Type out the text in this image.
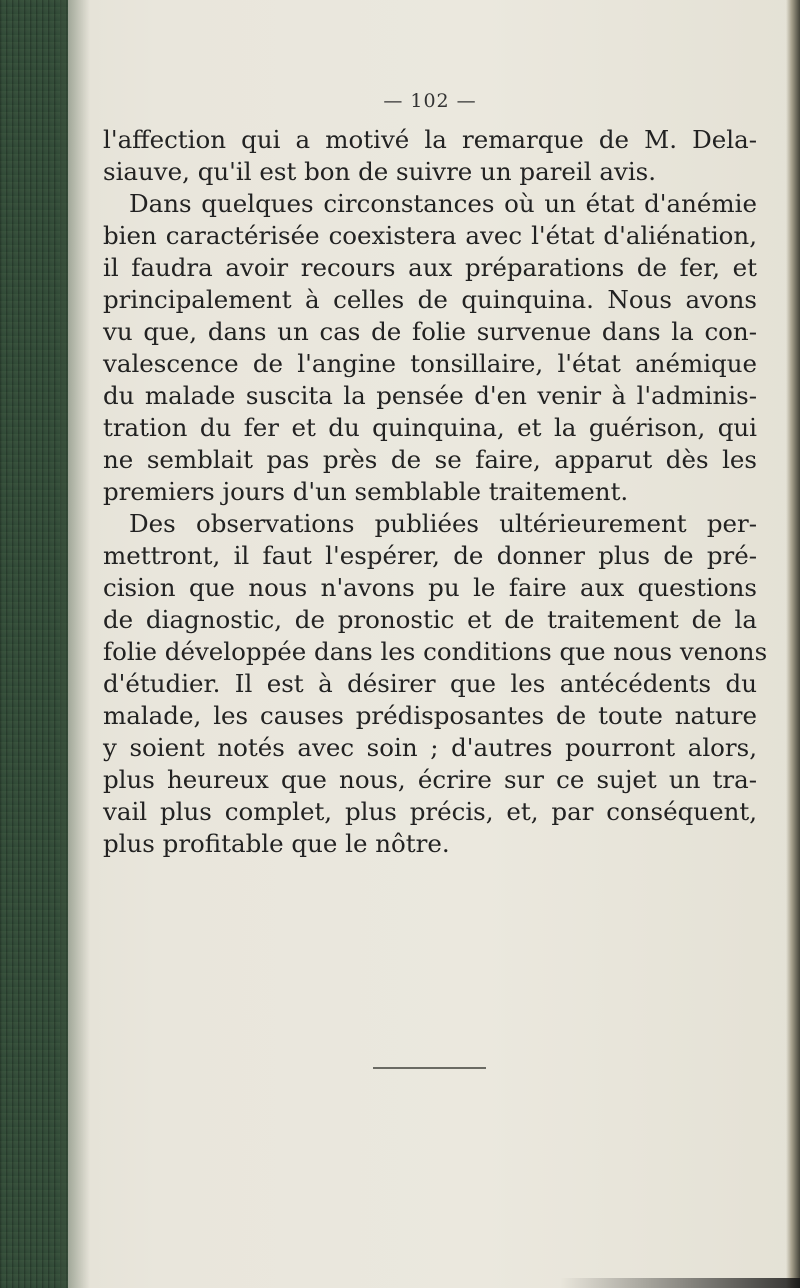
— 102 —
l'affection qui a motivé la remarque de M. Dela-
siauve, qu'il est bon de suivre un pareil avis.
Dans quelques circonstances où un état d'anémie
bien caractérisée coexistera avec l'état d'aliénation,
il faudra avoir recours aux préparations de fer, et
principalement à celles de quinquina. Nous avons
vu que, dans un cas de folie survenue dans la con-
valescence de l'angine tonsillaire, l'état anémique
du malade suscita la pensée d'en venir à l'adminis-
tration du fer et du quinquina, et la guérison, qui
ne semblait pas près de se faire, apparut dès les
premiers jours d'un semblable traitement.
Des observations publiées ultérieurement per-
mettront, il faut l'espérer, de donner plus de pré-
cision que nous n'avons pu le faire aux questions
de diagnostic, de pronostic et de traitement de la
folie développée dans les conditions que nous venons
d'étudier. Il est à désirer que les antécédents du
malade, les causes prédisposantes de toute nature
y soient notés avec soin ; d'autres pourront alors,
plus heureux que nous, écrire sur ce sujet un tra-
vail plus complet, plus précis, et, par conséquent,
plus profitable que le nôtre.
